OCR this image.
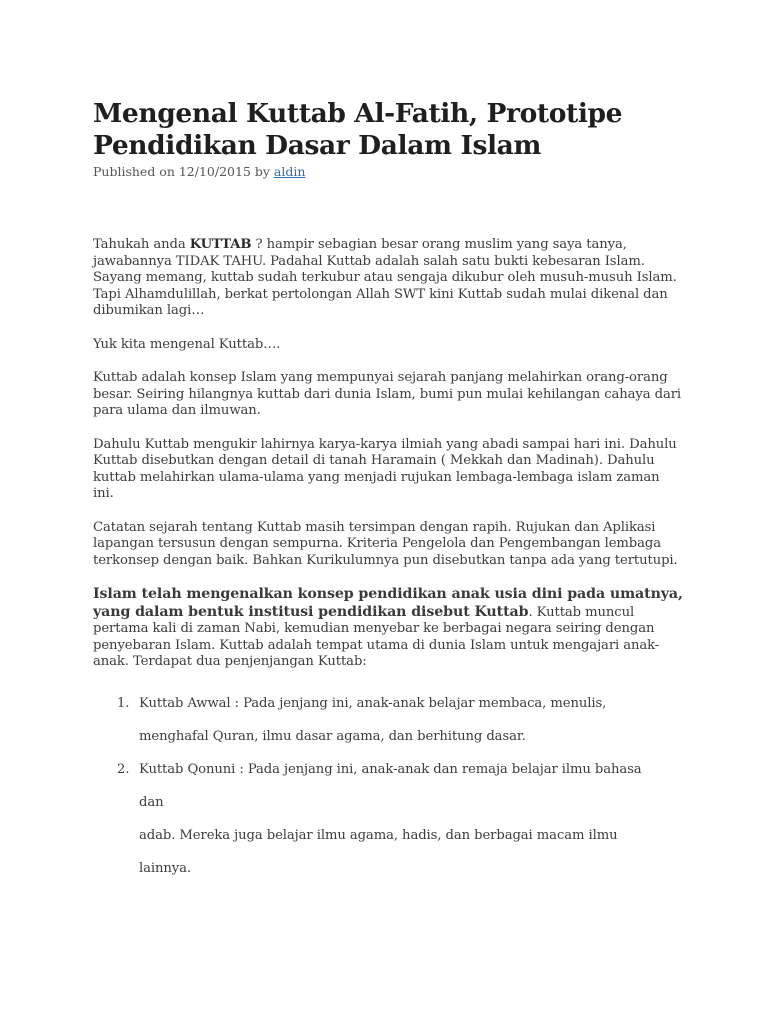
Mengenal Kuttab Al-Fatih, Prototipe Pendidikan Dasar Dalam Islam
Published on 12/10/2015 by aldin

Tahukah anda KUTTAB ? hampir sebagian besar orang muslim yang saya tanya, jawabannya TIDAK TAHU. Padahal Kuttab adalah salah satu bukti kebesaran Islam. Sayang memang, kuttab sudah terkubur atau sengaja dikubur oleh musuh-musuh Islam.

Tapi Alhamdulillah, berkat pertolongan Allah SWT kini Kuttab sudah mulai dikenal dan dibumikan lagi…

Yuk kita mengenal Kuttab….

Kuttab adalah konsep Islam yang mempunyai sejarah panjang melahirkan orang-orang besar. Seiring hilangnya kuttab dari dunia Islam, bumi pun mulai kehilangan cahaya dari para ulama dan ilmuwan.

Dahulu Kuttab mengukir lahirnya karya-karya ilmiah yang abadi sampai hari ini. Dahulu Kuttab disebutkan dengan detail di tanah Haramain ( Mekkah dan Madinah). Dahulu kuttab melahirkan ulama-ulama yang menjadi rujukan lembaga-lembaga islam zaman ini.

Catatan sejarah tentang Kuttab masih tersimpan dengan rapih. Rujukan dan Aplikasi lapangan tersusun dengan sempurna. Kriteria Pengelola dan Pengembangan lembaga terkonsep dengan baik. Bahkan Kurikulumnya pun disebutkan tanpa ada yang tertutupi.

Islam telah mengenalkan konsep pendidikan anak usia dini pada umatnya, yang dalam bentuk institusi pendidikan disebut Kuttab. Kuttab muncul pertama kali di zaman Nabi, kemudian menyebar ke berbagai negara seiring dengan penyebaran Islam. Kuttab adalah tempat utama di dunia Islam untuk mengajari anak-anak. Terdapat dua penjenjangan Kuttab:

1. Kuttab Awwal : Pada jenjang ini, anak-anak belajar membaca, menulis,
menghafal Quran, ilmu dasar agama, dan berhitung dasar.
2. Kuttab Qonuni : Pada jenjang ini, anak-anak dan remaja belajar ilmu bahasa
dan
adab. Mereka juga belajar ilmu agama, hadis, dan berbagai macam ilmu
lainnya.
